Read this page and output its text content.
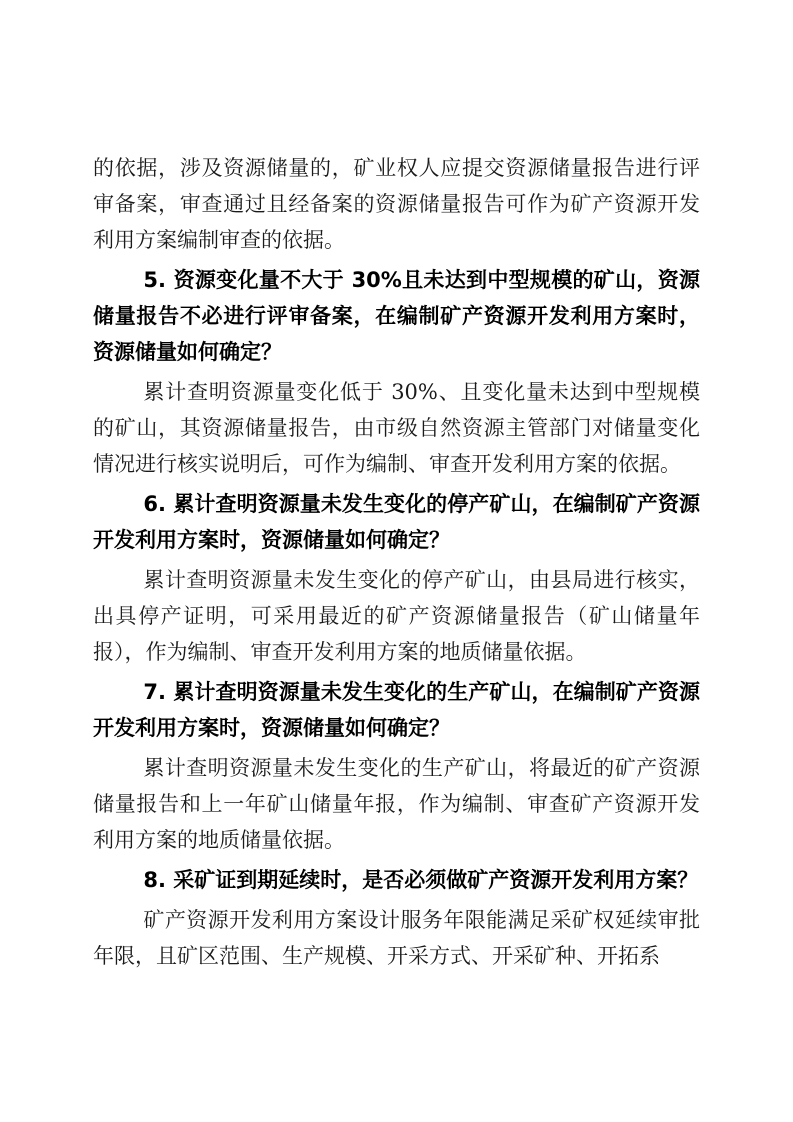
的依据，涉及资源储量的，矿业权人应提交资源储量报告进行评审备案，审查通过且经备案的资源储量报告可作为矿产资源开发利用方案编制审查的依据。

5. 资源变化量不大于 30%且未达到中型规模的矿山，资源储量报告不必进行评审备案，在编制矿产资源开发利用方案时，资源储量如何确定？

累计查明资源量变化低于 30%、且变化量未达到中型规模的矿山，其资源储量报告，由市级自然资源主管部门对储量变化情况进行核实说明后，可作为编制、审查开发利用方案的依据。

6. 累计查明资源量未发生变化的停产矿山，在编制矿产资源开发利用方案时，资源储量如何确定？

累计查明资源量未发生变化的停产矿山，由县局进行核实，出具停产证明，可采用最近的矿产资源储量报告（矿山储量年报），作为编制、审查开发利用方案的地质储量依据。

7. 累计查明资源量未发生变化的生产矿山，在编制矿产资源开发利用方案时，资源储量如何确定？

累计查明资源量未发生变化的生产矿山，将最近的矿产资源储量报告和上一年矿山储量年报，作为编制、审查矿产资源开发利用方案的地质储量依据。

8. 采矿证到期延续时，是否必须做矿产资源开发利用方案？

矿产资源开发利用方案设计服务年限能满足采矿权延续审批年限，且矿区范围、生产规模、开采方式、开采矿种、开拓系
